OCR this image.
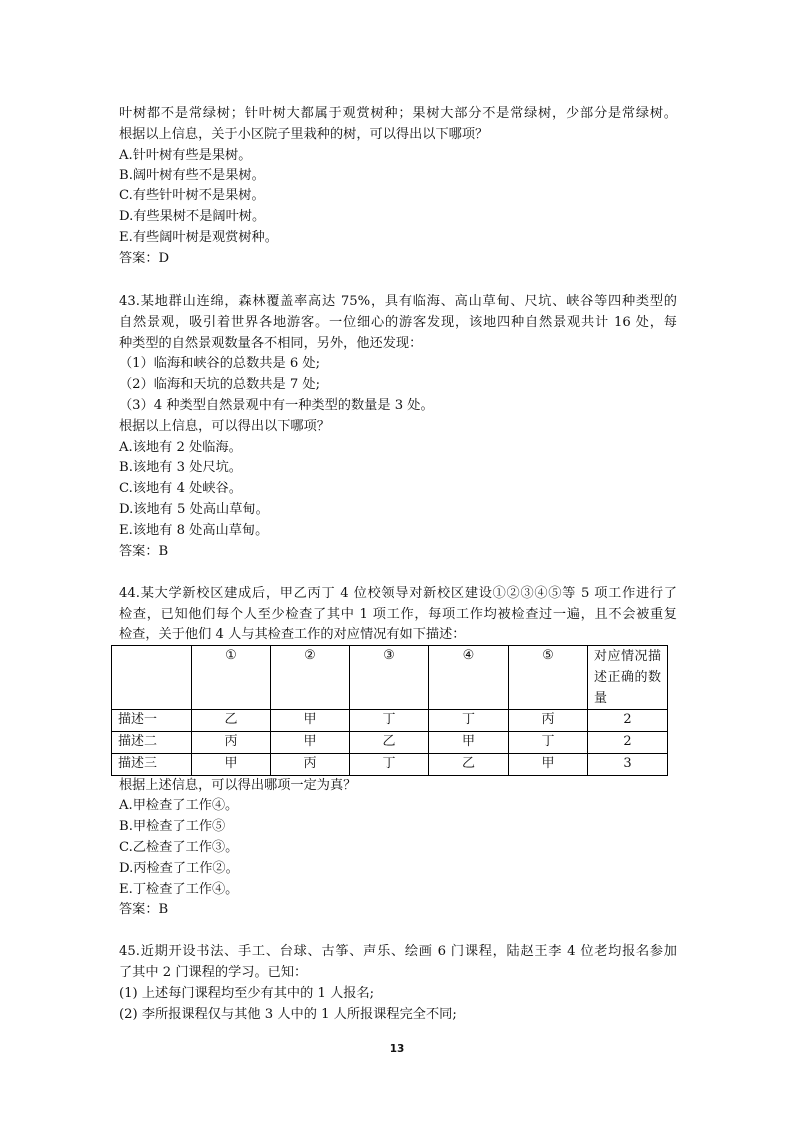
叶树都不是常绿树；针叶树大都属于观赏树种；果树大部分不是常绿树，少部分是常绿树。
根据以上信息，关于小区院子里栽种的树，可以得出以下哪项？
A.针叶树有些是果树。
B.阔叶树有些不是果树。
C.有些针叶树不是果树。
D.有些果树不是阔叶树。
E.有些阔叶树是观赏树种。
答案：D
43.某地群山连绵，森林覆盖率高达 75%，具有临海、高山草甸、尺坑、峡谷等四种类型的
自然景观，吸引着世界各地游客。一位细心的游客发现，该地四种自然景观共计 16 处，每
种类型的自然景观数量各不相同，另外，他还发现：
（1）临海和峡谷的总数共是 6 处;
（2）临海和天坑的总数共是 7 处;
（3）4 种类型自然景观中有一种类型的数量是 3 处。
根据以上信息，可以得出以下哪项？
A.该地有 2 处临海。
B.该地有 3 处尺坑。
C.该地有 4 处峡谷。
D.该地有 5 处高山草甸。
E.该地有 8 处高山草甸。
答案：B
44.某大学新校区建成后，甲乙丙丁 4 位校领导对新校区建设①②③④⑤等 5 项工作进行了
检查，已知他们每个人至少检查了其中 1 项工作，每项工作均被检查过一遍，且不会被重复
检查，关于他们 4 人与其检查工作的对应情况有如下描述：
	①	②	③	④	⑤	对应情况描述正确的数量
描述一	乙	甲	丁	丁	丙	2
描述二	丙	甲	乙	甲	丁	2
描述三	甲	丙	丁	乙	甲	3
根据上述信息，可以得出哪项一定为真？
A.甲检查了工作④。
B.甲检查了工作⑤
C.乙检查了工作③。
D.丙检查了工作②。
E.丁检查了工作④。
答案：B
45.近期开设书法、手工、台球、古筝、声乐、绘画 6 门课程，陆赵王李 4 位老均报名参加
了其中 2 门课程的学习。已知：
(1) 上述每门课程均至少有其中的 1 人报名;
(2) 李所报课程仅与其他 3 人中的 1 人所报课程完全不同;
13
